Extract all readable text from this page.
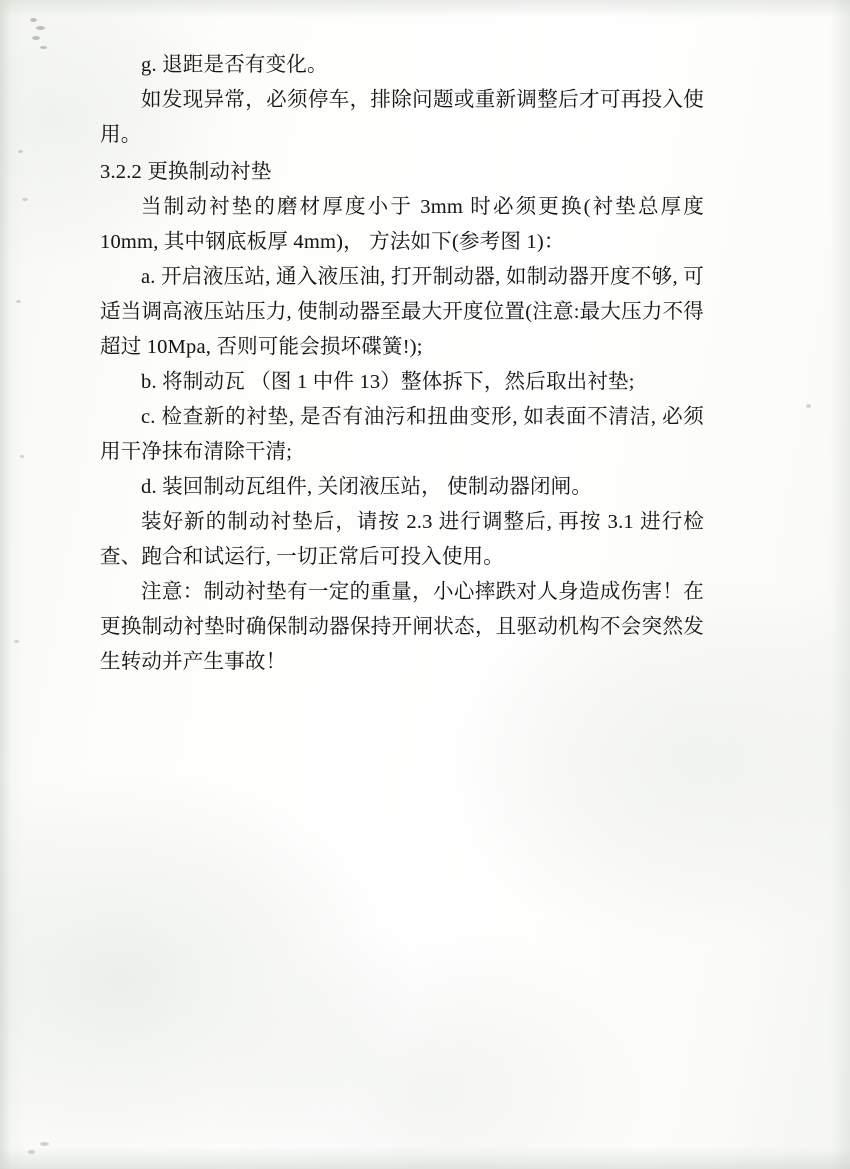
g. 退距是否有变化。

如发现异常，必须停车，排除问题或重新调整后才可再投入使用。

3.2.2 更换制动衬垫

当制动衬垫的磨材厚度小于 3mm 时必须更换(衬垫总厚度 10mm, 其中钢底板厚 4mm)， 方法如下(参考图 1)：

a. 开启液压站, 通入液压油, 打开制动器, 如制动器开度不够, 可适当调高液压站压力, 使制动器至最大开度位置(注意:最大压力不得超过 10Mpa, 否则可能会损坏碟簧!);

b. 将制动瓦 （图 1 中件 13）整体拆下，然后取出衬垫;

c. 检查新的衬垫, 是否有油污和扭曲变形, 如表面不清洁, 必须用干净抹布清除干清;

d. 装回制动瓦组件, 关闭液压站， 使制动器闭闸。

装好新的制动衬垫后，请按 2.3 进行调整后, 再按 3.1 进行检查、跑合和试运行, 一切正常后可投入使用。

注意：制动衬垫有一定的重量，小心摔跌对人身造成伤害！在更换制动衬垫时确保制动器保持开闸状态，且驱动机构不会突然发生转动并产生事故！
